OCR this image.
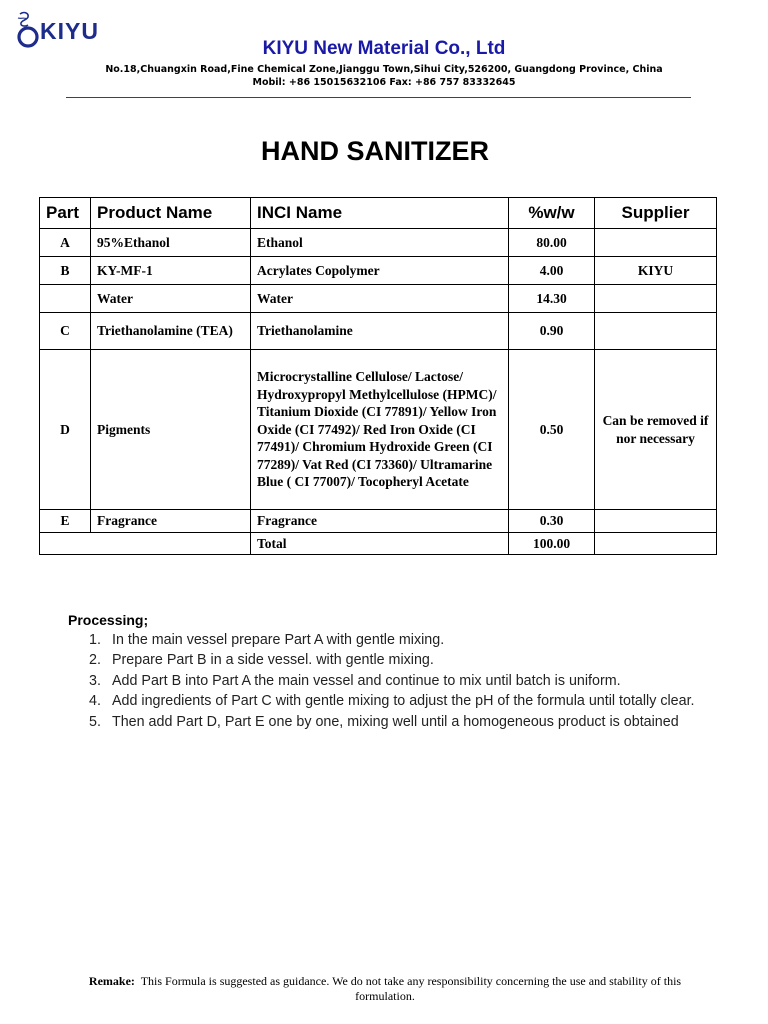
KIYU
KIYU New Material Co., Ltd
No.18,Chuangxin Road,Fine Chemical Zone,Jianggu Town,Sihui City,526200, Guangdong Province, China
Mobil: +86 15015632106 Fax: +86 757 83332645
HAND SANITIZER
Part	Product Name	INCI Name	%w/w	Supplier
A	95%Ethanol	Ethanol	80.00	
B	KY-MF-1	Acrylates Copolymer	4.00	KIYU
	Water	Water	14.30	
C	Triethanolamine (TEA)	Triethanolamine	0.90	
D	Pigments	Microcrystalline Cellulose/ Lactose/ Hydroxypropyl Methylcellulose (HPMC)/ Titanium Dioxide (CI 77891)/ Yellow Iron Oxide (CI 77492)/ Red Iron Oxide (CI 77491)/ Chromium Hydroxide Green (CI 77289)/ Vat Red (CI 73360)/ Ultramarine Blue ( CI 77007)/ Tocopheryl Acetate	0.50	Can be removed if nor necessary
E	Fragrance	Fragrance	0.30	
		Total	100.00	
Processing;
1. In the main vessel prepare Part A with gentle mixing.
2. Prepare Part B in a side vessel. with gentle mixing.
3. Add Part B into Part A the main vessel and continue to mix until batch is uniform.
4. Add ingredients of Part C with gentle mixing to adjust the pH of the formula until totally clear.
5. Then add Part D, Part E one by one, mixing well until a homogeneous product is obtained
Remake: This Formula is suggested as guidance. We do not take any responsibility concerning the use and stability of this formulation.
